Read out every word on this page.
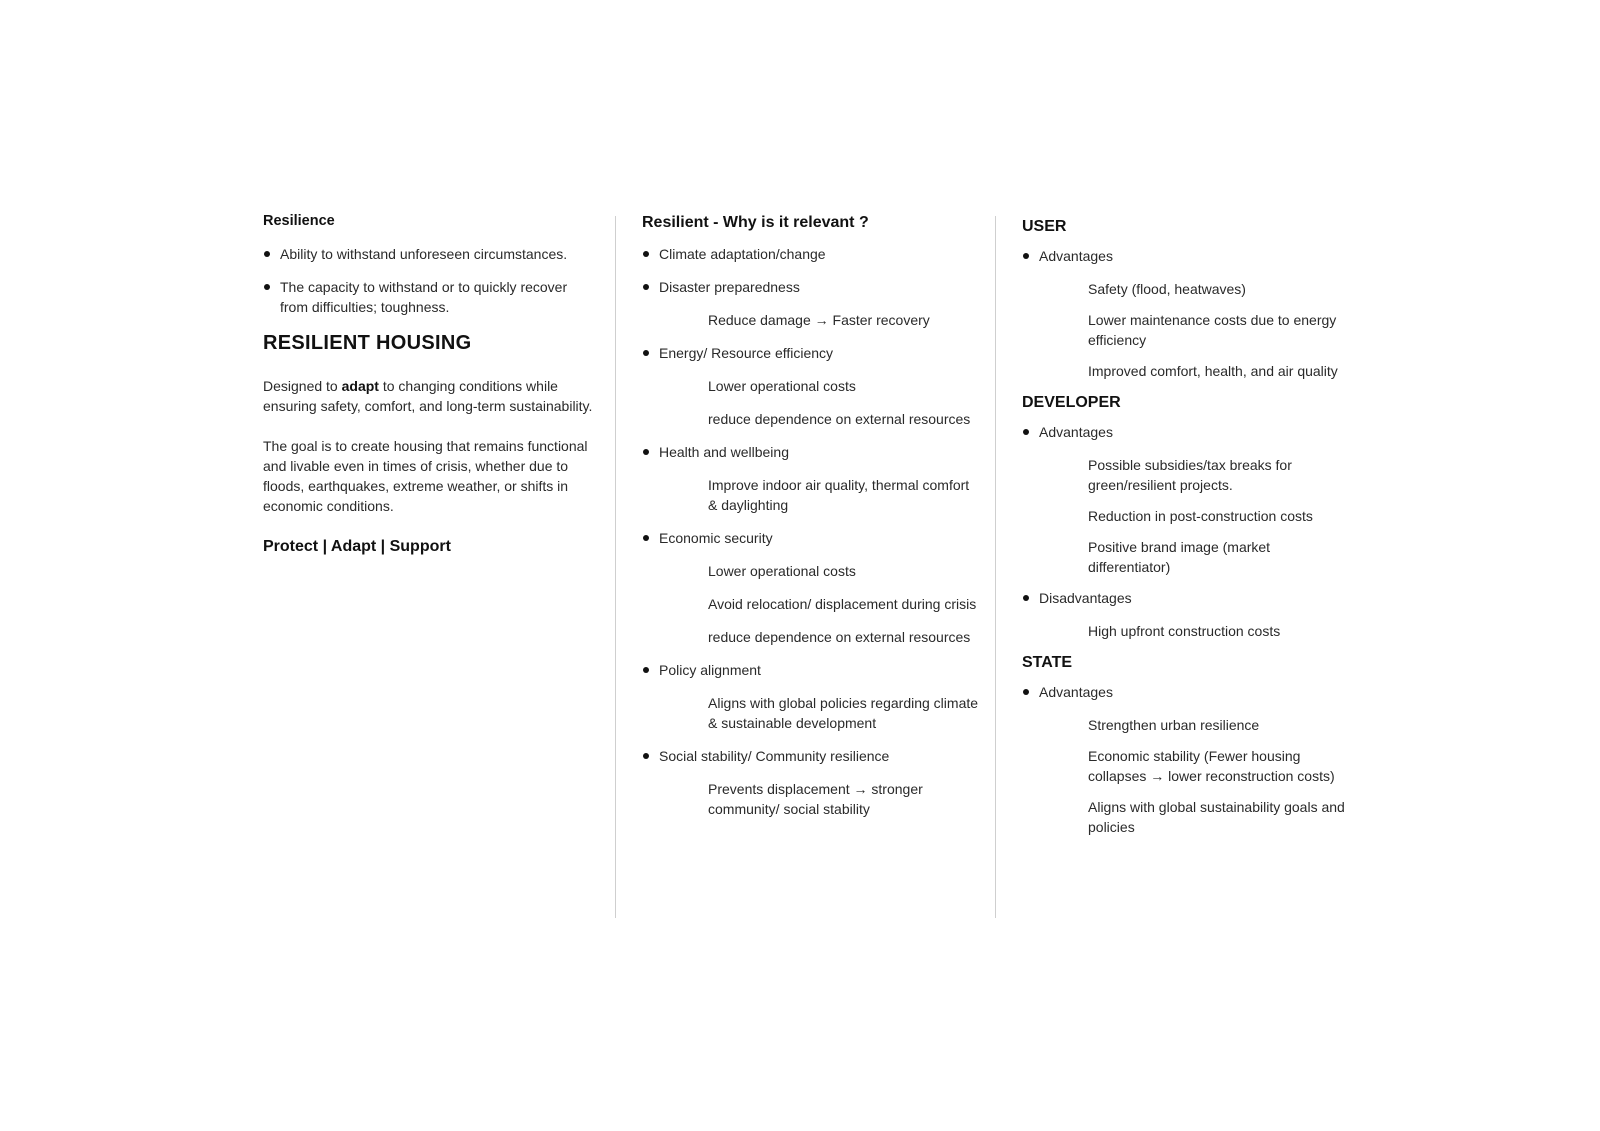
Resilience
Ability to withstand unforeseen circumstances.
The capacity to withstand or to quickly recover from difficulties; toughness.
RESILIENT HOUSING

Designed to adapt to changing conditions while ensuring safety, comfort, and long-term sustainability.

The goal is to create housing that remains functional and livable even in times of crisis, whether due to floods, earthquakes, extreme weather, or shifts in economic conditions.

Protect | Adapt | Support
Resilient - Why is it relevant ?
Climate adaptation/change
Disaster preparedness
Reduce damage → Faster recovery
Energy/ Resource efficiency
Lower operational costs
reduce dependence on external resources
Health and wellbeing
Improve indoor air quality, thermal comfort & daylighting
Economic security
Lower operational costs
Avoid relocation/ displacement during crisis
reduce dependence on external resources
Policy alignment
Aligns with global policies regarding climate & sustainable development
Social stability/ Community resilience
Prevents displacement → stronger community/ social stability
USER
Advantages
Safety (flood, heatwaves)
Lower maintenance costs due to energy efficiency
Improved comfort, health, and air quality
DEVELOPER
Advantages
Possible subsidies/tax breaks for green/resilient projects.
Reduction in post-construction costs
Positive brand image (market differentiator)
Disadvantages
High upfront construction costs
STATE
Advantages
Strengthen urban resilience
Economic stability (Fewer housing collapses → lower reconstruction costs)
Aligns with global sustainability goals and policies
